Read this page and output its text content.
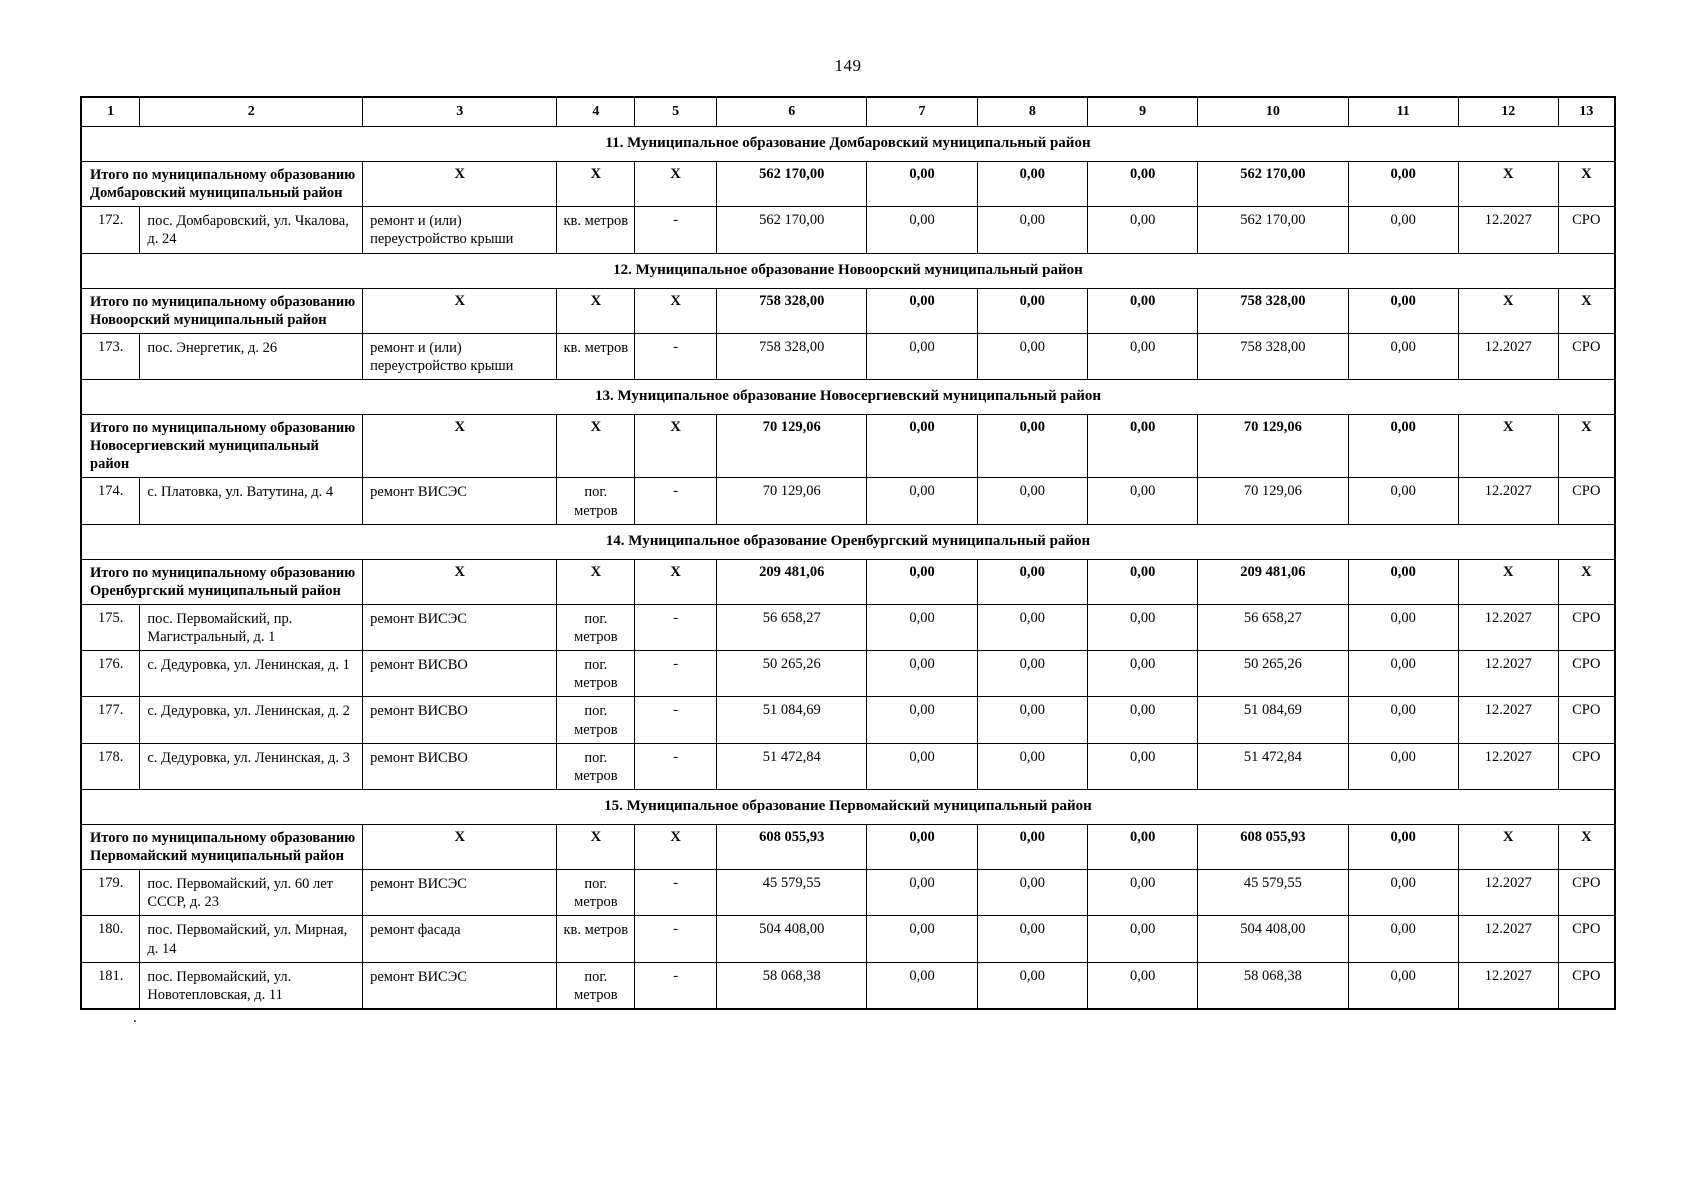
149
1	2	3	4	5	6	7	8	9	10	11	12	13
11. Муниципальное образование Домбаровский муниципальный район												
Итого по муниципальному образованию Домбаровский муниципальный район		X	X	X	562 170,00	0,00	0,00	0,00	562 170,00	0,00	X	X
172.	пос. Домбаровский, ул. Чкалова, д. 24	ремонт и (или) переустройство крыши	кв. метров	-	562 170,00	0,00	0,00	0,00	562 170,00	0,00	12.2027	СРО
12. Муниципальное образование Новоорский муниципальный район												
Итого по муниципальному образованию Новоорский муниципальный район		X	X	X	758 328,00	0,00	0,00	0,00	758 328,00	0,00	X	X
173.	пос. Энергетик, д. 26	ремонт и (или) переустройство крыши	кв. метров	-	758 328,00	0,00	0,00	0,00	758 328,00	0,00	12.2027	СРО
13. Муниципальное образование Новосергиевский муниципальный район												
Итого по муниципальному образованию Новосергиевский муниципальный район		X	X	X	70 129,06	0,00	0,00	0,00	70 129,06	0,00	X	X
174.	с. Платовка, ул. Ватутина, д. 4	ремонт ВИСЭС	пог. метров	-	70 129,06	0,00	0,00	0,00	70 129,06	0,00	12.2027	СРО
14. Муниципальное образование Оренбургский муниципальный район												
Итого по муниципальному образованию Оренбургский муниципальный район		X	X	X	209 481,06	0,00	0,00	0,00	209 481,06	0,00	X	X
175.	пос. Первомайский, пр. Магистральный, д. 1	ремонт ВИСЭС	пог. метров	-	56 658,27	0,00	0,00	0,00	56 658,27	0,00	12.2027	СРО
176.	с. Дедуровка, ул. Ленинская, д. 1	ремонт ВИСВО	пог. метров	-	50 265,26	0,00	0,00	0,00	50 265,26	0,00	12.2027	СРО
177.	с. Дедуровка, ул. Ленинская, д. 2	ремонт ВИСВО	пог. метров	-	51 084,69	0,00	0,00	0,00	51 084,69	0,00	12.2027	СРО
178.	с. Дедуровка, ул. Ленинская, д. 3	ремонт ВИСВО	пог. метров	-	51 472,84	0,00	0,00	0,00	51 472,84	0,00	12.2027	СРО
15. Муниципальное образование Первомайский муниципальный район												
Итого по муниципальному образованию Первомайский муниципальный район		X	X	X	608 055,93	0,00	0,00	0,00	608 055,93	0,00	X	X
179.	пос. Первомайский, ул. 60 лет СССР, д. 23	ремонт ВИСЭС	пог. метров	-	45 579,55	0,00	0,00	0,00	45 579,55	0,00	12.2027	СРО
180.	пос. Первомайский, ул. Мирная, д. 14	ремонт фасада	кв. метров	-	504 408,00	0,00	0,00	0,00	504 408,00	0,00	12.2027	СРО
181.	пос. Первомайский, ул. Новотепловская, д. 11	ремонт ВИСЭС	пог. метров	-	58 068,38	0,00	0,00	0,00	58 068,38	0,00	12.2027	СРО
.
